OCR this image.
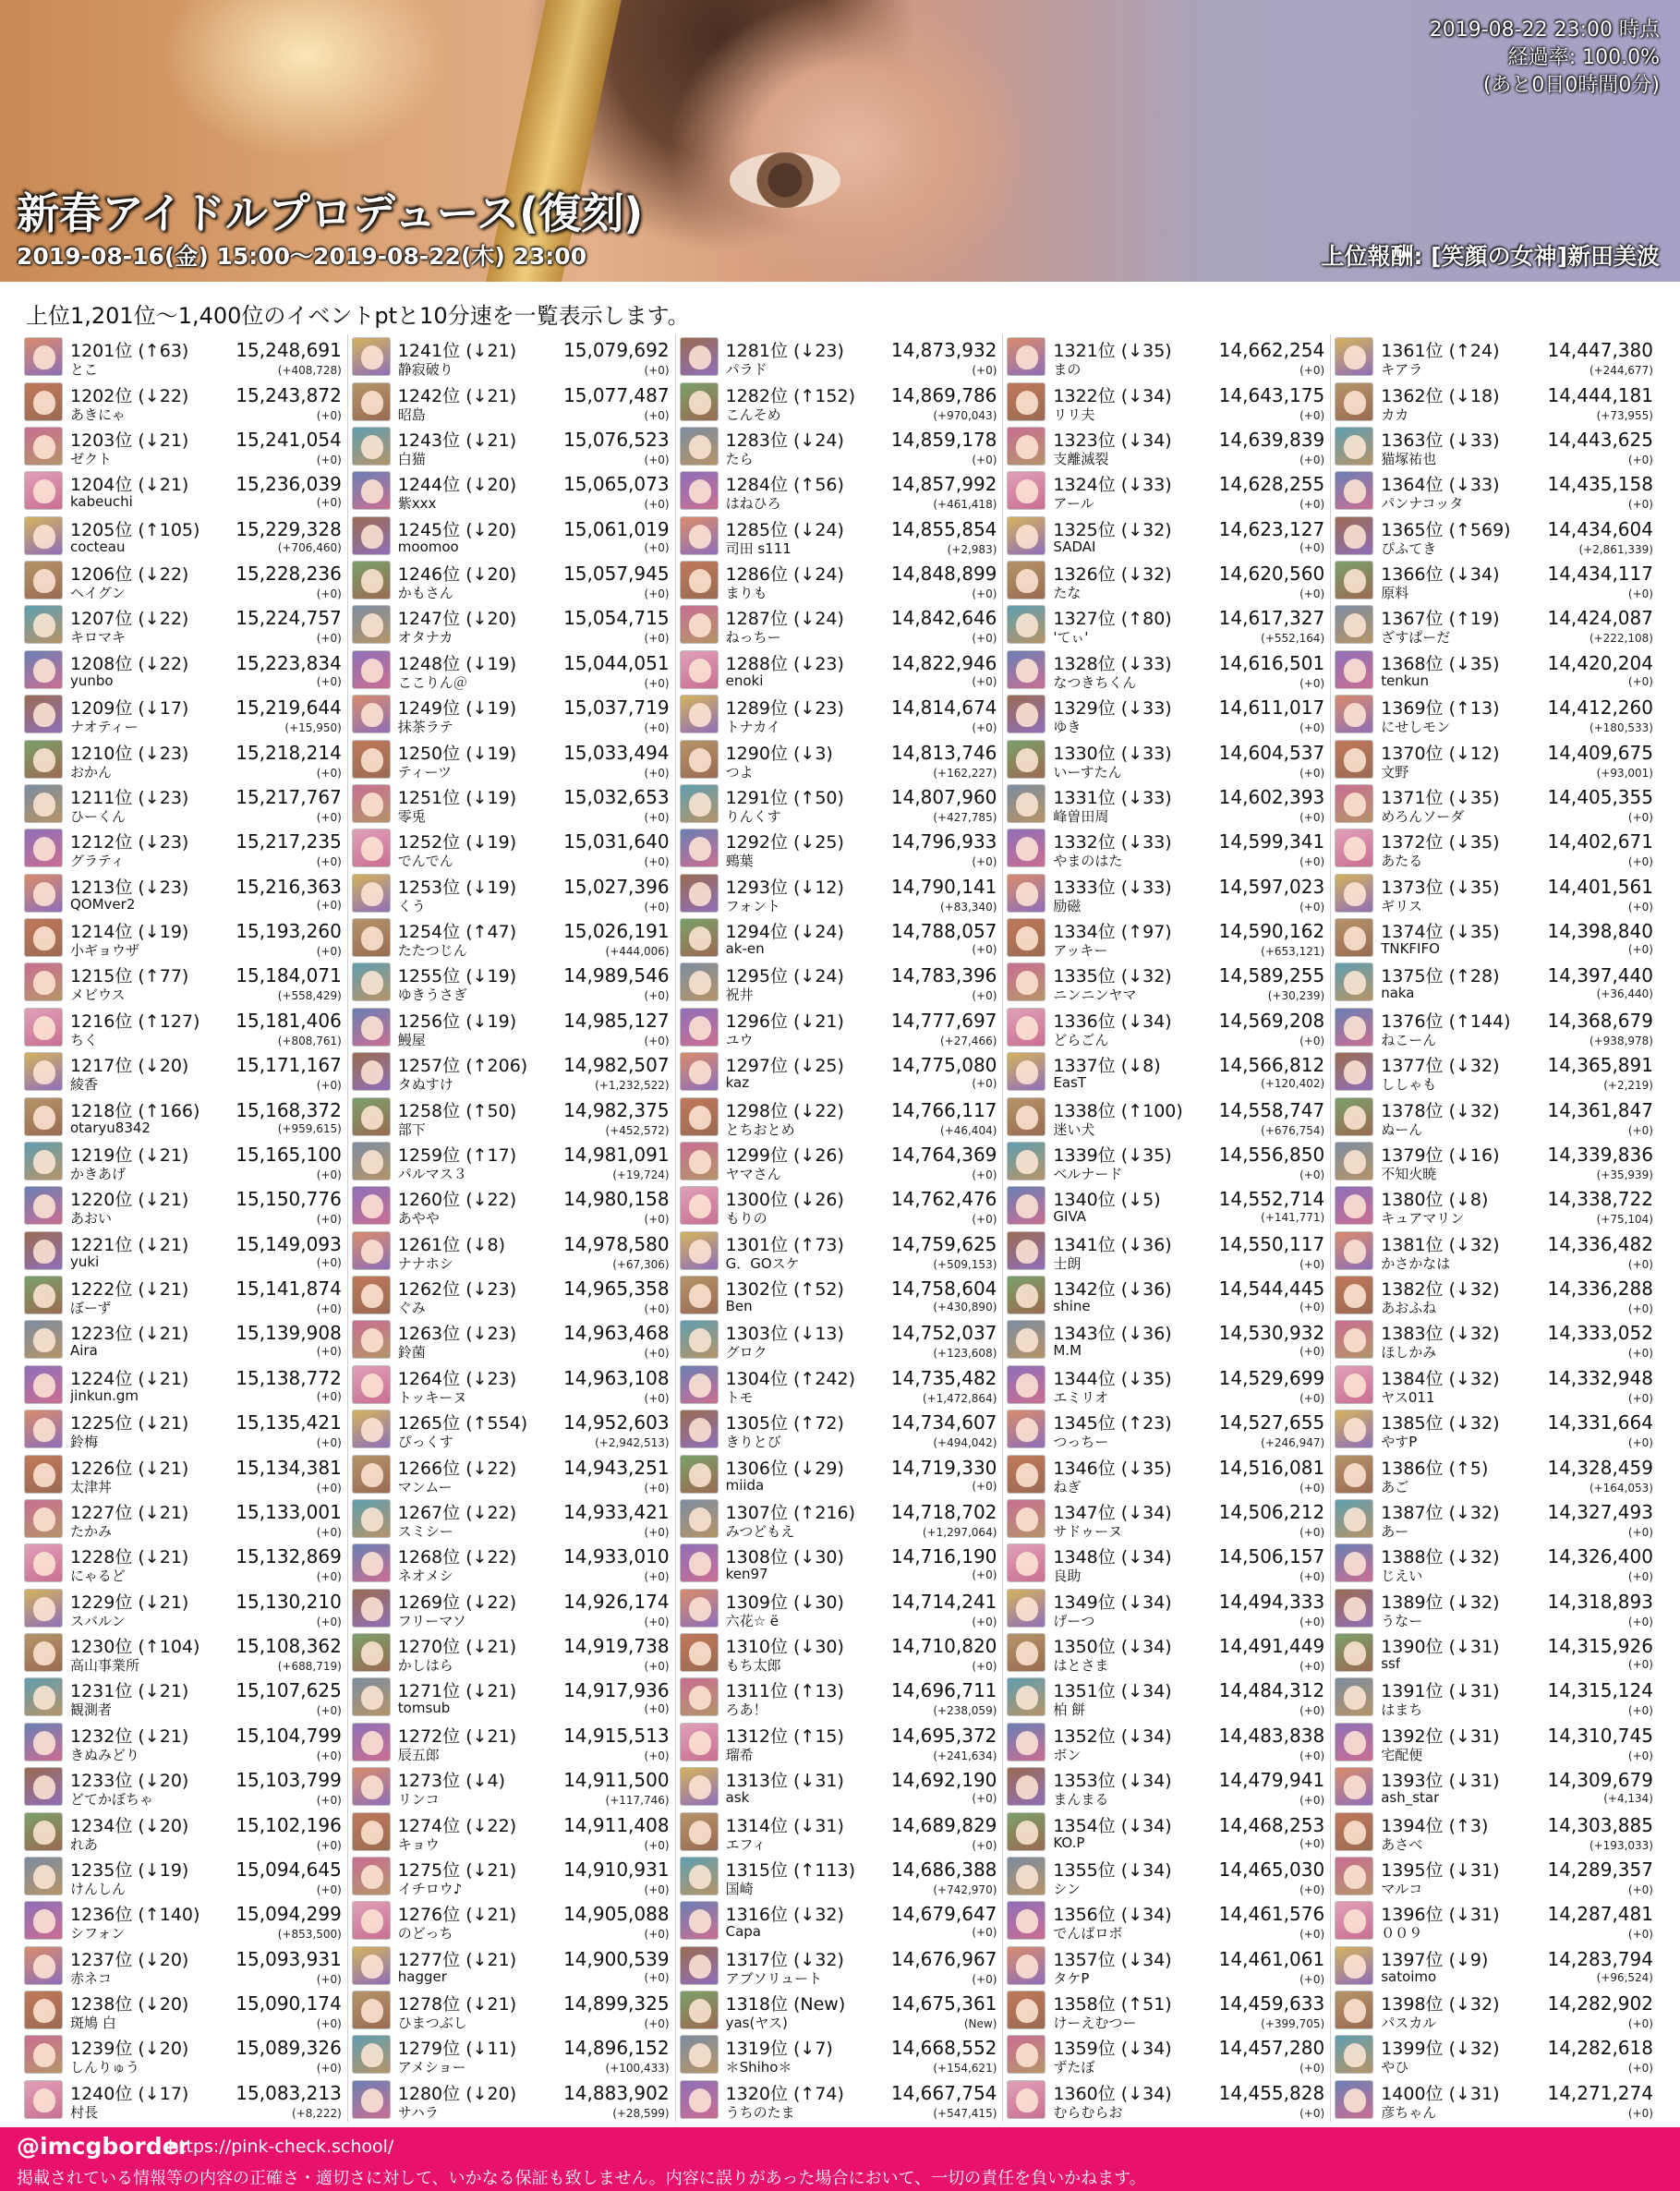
2019-08-22 23:00 時点
経過率: 100.0%
(あと0日0時間0分)
新春アイドルプロデュース(復刻)
2019-08-16(金) 15:00〜2019-08-22(木) 23:00	上位報酬: [笑顔の女神]新田美波
上位1,201位〜1,400位のイベントptと10分速を一覧表示します。
1201位 (↑63)	15,248,691
とこ	(+408,728)
1202位 (↓22)	15,243,872
あきにゃ	(+0)
1203位 (↓21)	15,241,054
ゼクト	(+0)
1204位 (↓21)	15,236,039
kabeuchi	(+0)
1205位 (↑105) 15,229,328
cocteau	(+706,460)
1206位 (↓22)	15,228,236
ヘイグン	(+0)
1207位 (↓22)	15,224,757
キロマキ	(+0)
1208位 (↓22)	15,223,834
yunbo	(+0)
1209位 (↓17)	15,219,644
ナオティー	(+15,950)
1210位 (↓23)	15,218,214
おかん	(+0)
1211位 (↓23)	15,217,767
ひーくん	(+0)
1212位 (↓23)	15,217,235
グラティ	(+0)
1213位 (↓23)	15,216,363
QOMver2	(+0)
1214位 (↓19)	15,193,260
小ギョウザ	(+0)
1215位 (↑77)	15,184,071
メビウス	(+558,429)
1216位 (↑127) 15,181,406
ちく	(+808,761)
1217位 (↓20)	15,171,167
綾香	(+0)
1218位 (↑166) 15,168,372
otaryu8342	(+959,615)
1219位 (↓21)	15,165,100
かきあげ	(+0)
1220位 (↓21)	15,150,776
あおい	(+0)
1221位 (↓21)	15,149,093
yuki	(+0)
1222位 (↓21)	15,141,874
ぼーず	(+0)
1223位 (↓21)	15,139,908
Aira	(+0)
1224位 (↓21)	15,138,772
jinkun.gm	(+0)
1225位 (↓21)	15,135,421
鈴梅	(+0)
1226位 (↓21)	15,134,381
太津丼	(+0)
1227位 (↓21)	15,133,001
たかみ	(+0)
1228位 (↓21)	15,132,869
にゃるど	(+0)
1229位 (↓21)	15,130,210
スバルン	(+0)
1230位 (↑104) 15,108,362
高山事業所	(+688,719)
1231位 (↓21)	15,107,625
観測者	(+0)
1232位 (↓21)	15,104,799
きぬみどり	(+0)
1233位 (↓20)	15,103,799
どてかぼちゃ	(+0)
1234位 (↓20)	15,102,196
れあ	(+0)
1235位 (↓19)	15,094,645
けんしん	(+0)
1236位 (↑140) 15,094,299
シフォン	(+853,500)
1237位 (↓20)	15,093,931
赤ネコ	(+0)
1238位 (↓20)	15,090,174
斑鳩 白	(+0)
1239位 (↓20)	15,089,326
しんりゅう	(+0)
1240位 (↓17)	15,083,213
村長	(+8,222)
1241位 (↓21)	15,079,692
静寂破り	(+0)
1242位 (↓21)	15,077,487
昭島	(+0)
1243位 (↓21)	15,076,523
白猫	(+0)
1244位 (↓20)	15,065,073
紫xxx	(+0)
1245位 (↓20)	15,061,019
moomoo	(+0)
1246位 (↓20)	15,057,945
かもさん	(+0)
1247位 (↓20)	15,054,715
オタナカ	(+0)
1248位 (↓19)	15,044,051
ここりん＠	(+0)
1249位 (↓19)	15,037,719
抹茶ラテ	(+0)
1250位 (↓19)	15,033,494
ティーツ	(+0)
1251位 (↓19)	15,032,653
零兎	(+0)
1252位 (↓19)	15,031,640
でんでん	(+0)
1253位 (↓19)	15,027,396
くう	(+0)
1254位 (↑47)	15,026,191
たたつじん	(+444,006)
1255位 (↓19)	14,989,546
ゆきうさぎ	(+0)
1256位 (↓19)	14,985,127
鰻屋	(+0)
1257位 (↑206) 14,982,507
タぬすけ	(+1,232,522)
1258位 (↑50)	14,982,375
部下	(+452,572)
1259位 (↑17)	14,981,091
パルマス３	(+19,724)
1260位 (↓22)	14,980,158
あやや	(+0)
1261位 (↓8)	14,978,580
ナナホシ	(+67,306)
1262位 (↓23)	14,965,358
ぐみ	(+0)
1263位 (↓23)	14,963,468
鈴菌	(+0)
1264位 (↓23)	14,963,108
トッキーヌ	(+0)
1265位 (↑554) 14,952,603
ぴっくす	(+2,942,513)
1266位 (↓22)	14,943,251
マンムー	(+0)
1267位 (↓22)	14,933,421
スミシー	(+0)
1268位 (↓22)	14,933,010
ネオメシ	(+0)
1269位 (↓22)	14,926,174
フリーマソ	(+0)
1270位 (↓21)	14,919,738
かしはら	(+0)
1271位 (↓21)	14,917,936
tomsub	(+0)
1272位 (↓21)	14,915,513
辰五郎	(+0)
1273位 (↓4)	14,911,500
リンコ	(+117,746)
1274位 (↓22)	14,911,408
キョウ	(+0)
1275位 (↓21)	14,910,931
イチロウ♪	(+0)
1276位 (↓21)	14,905,088
のどっち	(+0)
1277位 (↓21)	14,900,539
hagger	(+0)
1278位 (↓21)	14,899,325
ひまつぶし	(+0)
1279位 (↓11)	14,896,152
アメショー	(+100,433)
1280位 (↓20)	14,883,902
サハラ	(+28,599)
1281位 (↓23)	14,873,932
パラド	(+0)
1282位 (↑152) 14,869,786
こんそめ	(+970,043)
1283位 (↓24)	14,859,178
たら	(+0)
1284位 (↑56)	14,857,992
はねひろ	(+461,418)
1285位 (↓24)	14,855,854
司田 s111	(+2,983)
1286位 (↓24)	14,848,899
まりも	(+0)
1287位 (↓24)	14,842,646
ねっちー	(+0)
1288位 (↓23)	14,822,946
enoki	(+0)
1289位 (↓23)	14,814,674
トナカイ	(+0)
1290位 (↓3)	14,813,746
つよ	(+162,227)
1291位 (↑50)	14,807,960
りんくす	(+427,785)
1292位 (↓25)	14,796,933
鵐葉	(+0)
1293位 (↓12)	14,790,141
フォント	(+83,340)
1294位 (↓24)	14,788,057
ak-en	(+0)
1295位 (↓24)	14,783,396
祝井	(+0)
1296位 (↓21)	14,777,697
ユウ	(+27,466)
1297位 (↓25)	14,775,080
kaz	(+0)
1298位 (↓22)	14,766,117
とちおとめ	(+46,404)
1299位 (↓26)	14,764,369
ヤマさん	(+0)
1300位 (↓26)	14,762,476
もりの	(+0)
1301位 (↑73)	14,759,625
G．GOスケ	(+509,153)
1302位 (↑52)	14,758,604
Ben	(+430,890)
1303位 (↓13)	14,752,037
グロク	(+123,608)
1304位 (↑242) 14,735,482
トモ	(+1,472,864)
1305位 (↑72)	14,734,607
きりとび	(+494,042)
1306位 (↓29)	14,719,330
miida	(+0)
1307位 (↑216) 14,718,702
みつどもえ	(+1,297,064)
1308位 (↓30)	14,716,190
ken97	(+0)
1309位 (↓30)	14,714,241
六花☆ ë	(+0)
1310位 (↓30)	14,710,820
もち太郎	(+0)
1311位 (↑13)	14,696,711
ろあ！	(+238,059)
1312位 (↑15)	14,695,372
瑠希	(+241,634)
1313位 (↓31)	14,692,190
ask	(+0)
1314位 (↓31)	14,689,829
エフィ	(+0)
1315位 (↑113) 14,686,388
国崎	(+742,970)
1316位 (↓32)	14,679,647
Capa	(+0)
1317位 (↓32)	14,676,967
アブソリュート	(+0)
1318位 (New) 14,675,361
yas(ヤス)	(New)
1319位 (↓7)	14,668,552
＊Shiho＊	(+154,621)
1320位 (↑74)	14,667,754
うちのたま	(+547,415)
1321位 (↓35)	14,662,254
まの	(+0)
1322位 (↓34)	14,643,175
リリ夫	(+0)
1323位 (↓34)	14,639,839
支離滅裂	(+0)
1324位 (↓33)	14,628,255
アール	(+0)
1325位 (↓32)	14,623,127
SADAI	(+0)
1326位 (↓32)	14,620,560
たな	(+0)
1327位 (↑80)	14,617,327
'てぃ'	(+552,164)
1328位 (↓33)	14,616,501
なつきちくん	(+0)
1329位 (↓33)	14,611,017
ゆき	(+0)
1330位 (↓33)	14,604,537
いーすたん	(+0)
1331位 (↓33)	14,602,393
峰曽田周	(+0)
1332位 (↓33)	14,599,341
やまのはた	(+0)
1333位 (↓33)	14,597,023
励磁	(+0)
1334位 (↑97)	14,590,162
アッキー	(+653,121)
1335位 (↓32)	14,589,255
ニンニンヤマ	(+30,239)
1336位 (↓34)	14,569,208
どらごん	(+0)
1337位 (↓8)	14,566,812
EasT	(+120,402)
1338位 (↑100) 14,558,747
迷い犬	(+676,754)
1339位 (↓35)	14,556,850
ベルナード	(+0)
1340位 (↓5)	14,552,714
GIVA	(+141,771)
1341位 (↓36)	14,550,117
士朗	(+0)
1342位 (↓36)	14,544,445
shine	(+0)
1343位 (↓36)	14,530,932
M.M	(+0)
1344位 (↓35)	14,529,699
エミリオ	(+0)
1345位 (↑23)	14,527,655
つっちー	(+246,947)
1346位 (↓35)	14,516,081
ねぎ	(+0)
1347位 (↓34)	14,506,212
サドゥーヌ	(+0)
1348位 (↓34)	14,506,157
良助	(+0)
1349位 (↓34)	14,494,333
げーつ	(+0)
1350位 (↓34)	14,491,449
はとさま	(+0)
1351位 (↓34)	14,484,312
柏 餅	(+0)
1352位 (↓34)	14,483,838
ボン	(+0)
1353位 (↓34)	14,479,941
まんまる	(+0)
1354位 (↓34)	14,468,253
KO.P	(+0)
1355位 (↓34)	14,465,030
シン	(+0)
1356位 (↓34)	14,461,576
でんばロボ	(+0)
1357位 (↓34)	14,461,061
タケP	(+0)
1358位 (↑51)	14,459,633
けーえむつー	(+399,705)
1359位 (↓34)	14,457,280
ずたぼ	(+0)
1360位 (↓34)	14,455,828
むらむらお	(+0)
1361位 (↑24)	14,447,380
キアラ	(+244,677)
1362位 (↓18)	14,444,181
カカ	(+73,955)
1363位 (↓33)	14,443,625
猫塚祐也	(+0)
1364位 (↓33)	14,435,158
パンナコッタ	(+0)
1365位 (↑569) 14,434,604
ぴふてき	(+2,861,339)
1366位 (↓34)	14,434,117
原料	(+0)
1367位 (↑19)	14,424,087
ざすぱーだ	(+222,108)
1368位 (↓35)	14,420,204
tenkun	(+0)
1369位 (↑13)	14,412,260
にせしモン	(+180,533)
1370位 (↓12)	14,409,675
文野	(+93,001)
1371位 (↓35)	14,405,355
めろんソーダ	(+0)
1372位 (↓35)	14,402,671
あたる	(+0)
1373位 (↓35)	14,401,561
ギリス	(+0)
1374位 (↓35)	14,398,840
TNKFIFO	(+0)
1375位 (↑28)	14,397,440
naka	(+36,440)
1376位 (↑144) 14,368,679
ねこーん	(+938,978)
1377位 (↓32)	14,365,891
ししゃも	(+2,219)
1378位 (↓32)	14,361,847
ぬーん	(+0)
1379位 (↓16)	14,339,836
不知火暁	(+35,939)
1380位 (↓8)	14,338,722
キュアマリン	(+75,104)
1381位 (↓32)	14,336,482
かさかなは	(+0)
1382位 (↓32)	14,336,288
あおふね	(+0)
1383位 (↓32)	14,333,052
ほしかみ	(+0)
1384位 (↓32)	14,332,948
ヤス011	(+0)
1385位 (↓32)	14,331,664
やすP	(+0)
1386位 (↑5)	14,328,459
あご	(+164,053)
1387位 (↓32)	14,327,493
あー	(+0)
1388位 (↓32)	14,326,400
じえい	(+0)
1389位 (↓32)	14,318,893
うなー	(+0)
1390位 (↓31)	14,315,926
ssf	(+0)
1391位 (↓31)	14,315,124
はまち	(+0)
1392位 (↓31)	14,310,745
宅配便	(+0)
1393位 (↓31)	14,309,679
ash_star	(+4,134)
1394位 (↑3)	14,303,885
あさべ	(+193,033)
1395位 (↓31)	14,289,357
マルコ	(+0)
1396位 (↓31)	14,287,481
００９	(+0)
1397位 (↓9)	14,283,794
satoimo	(+96,524)
1398位 (↓32)	14,282,902
パスカル	(+0)
1399位 (↓32)	14,282,618
やひ	(+0)
1400位 (↓31)	14,271,274
彦ちゃん	(+0)
@imcgborder
https://pink-check.school/
掲載されている情報等の内容の正確さ・適切さに対して、いかなる保証も致しません。内容に誤りがあった場合において、一切の責任を負いかねます。
